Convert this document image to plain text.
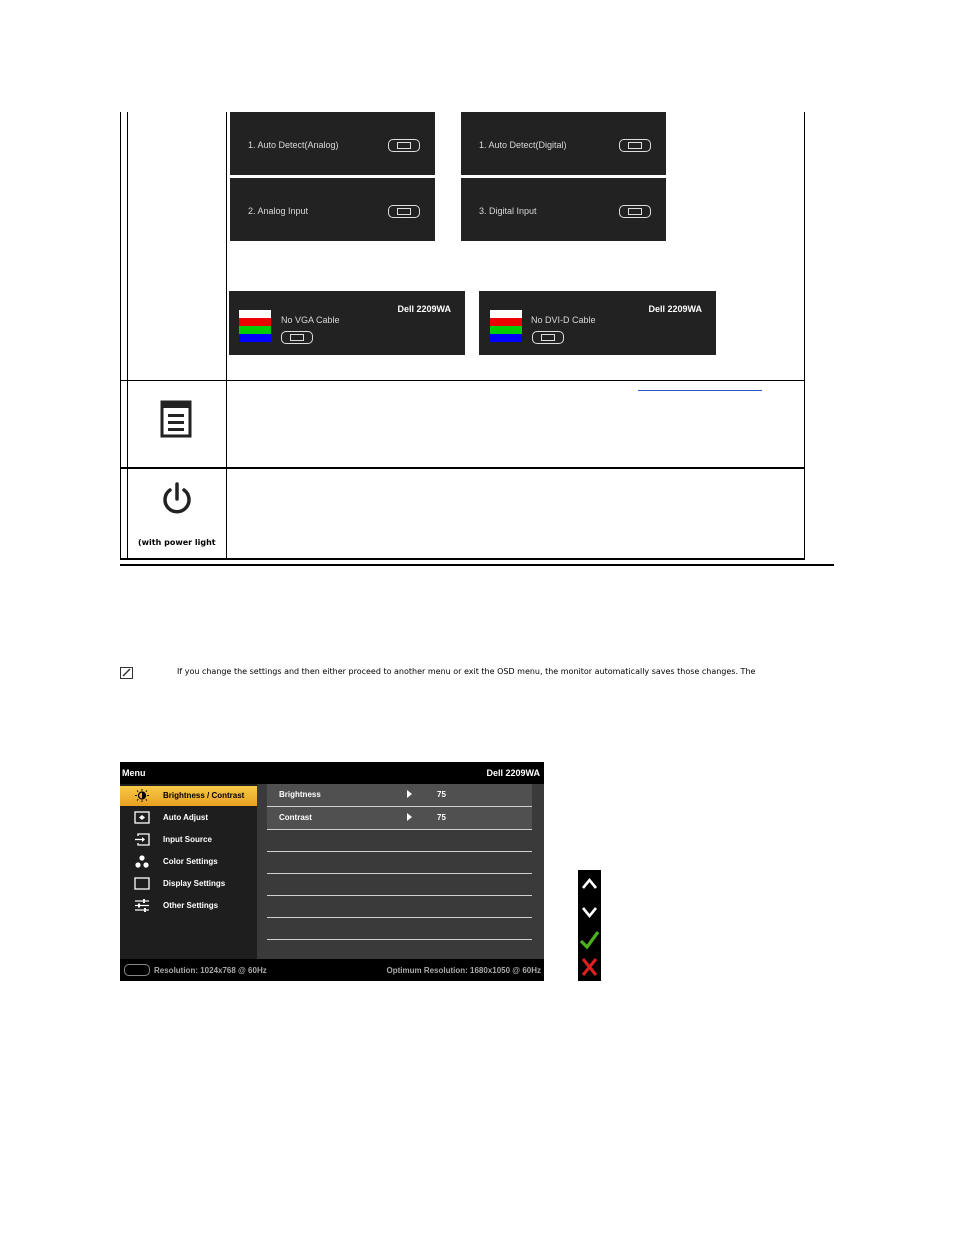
1. Auto Detect(Analog)	1. Auto Detect(Digital)
2. Analog Input	3. Digital Input
Dell 2209WA
No VGA Cable
Dell 2209WA
No DVI-D Cable
(with power light
If you change the settings and then either proceed to another menu or exit the OSD menu, the monitor automatically saves those changes. The
Menu	Dell 2209WA
Brightness / Contrast
Auto Adjust
Input Source
Color Settings
Display Settings
Other Settings
Brightness	75
Contrast	75
Resolution: 1024x768 @ 60Hz	Optimum Resolution: 1680x1050 @ 60Hz
